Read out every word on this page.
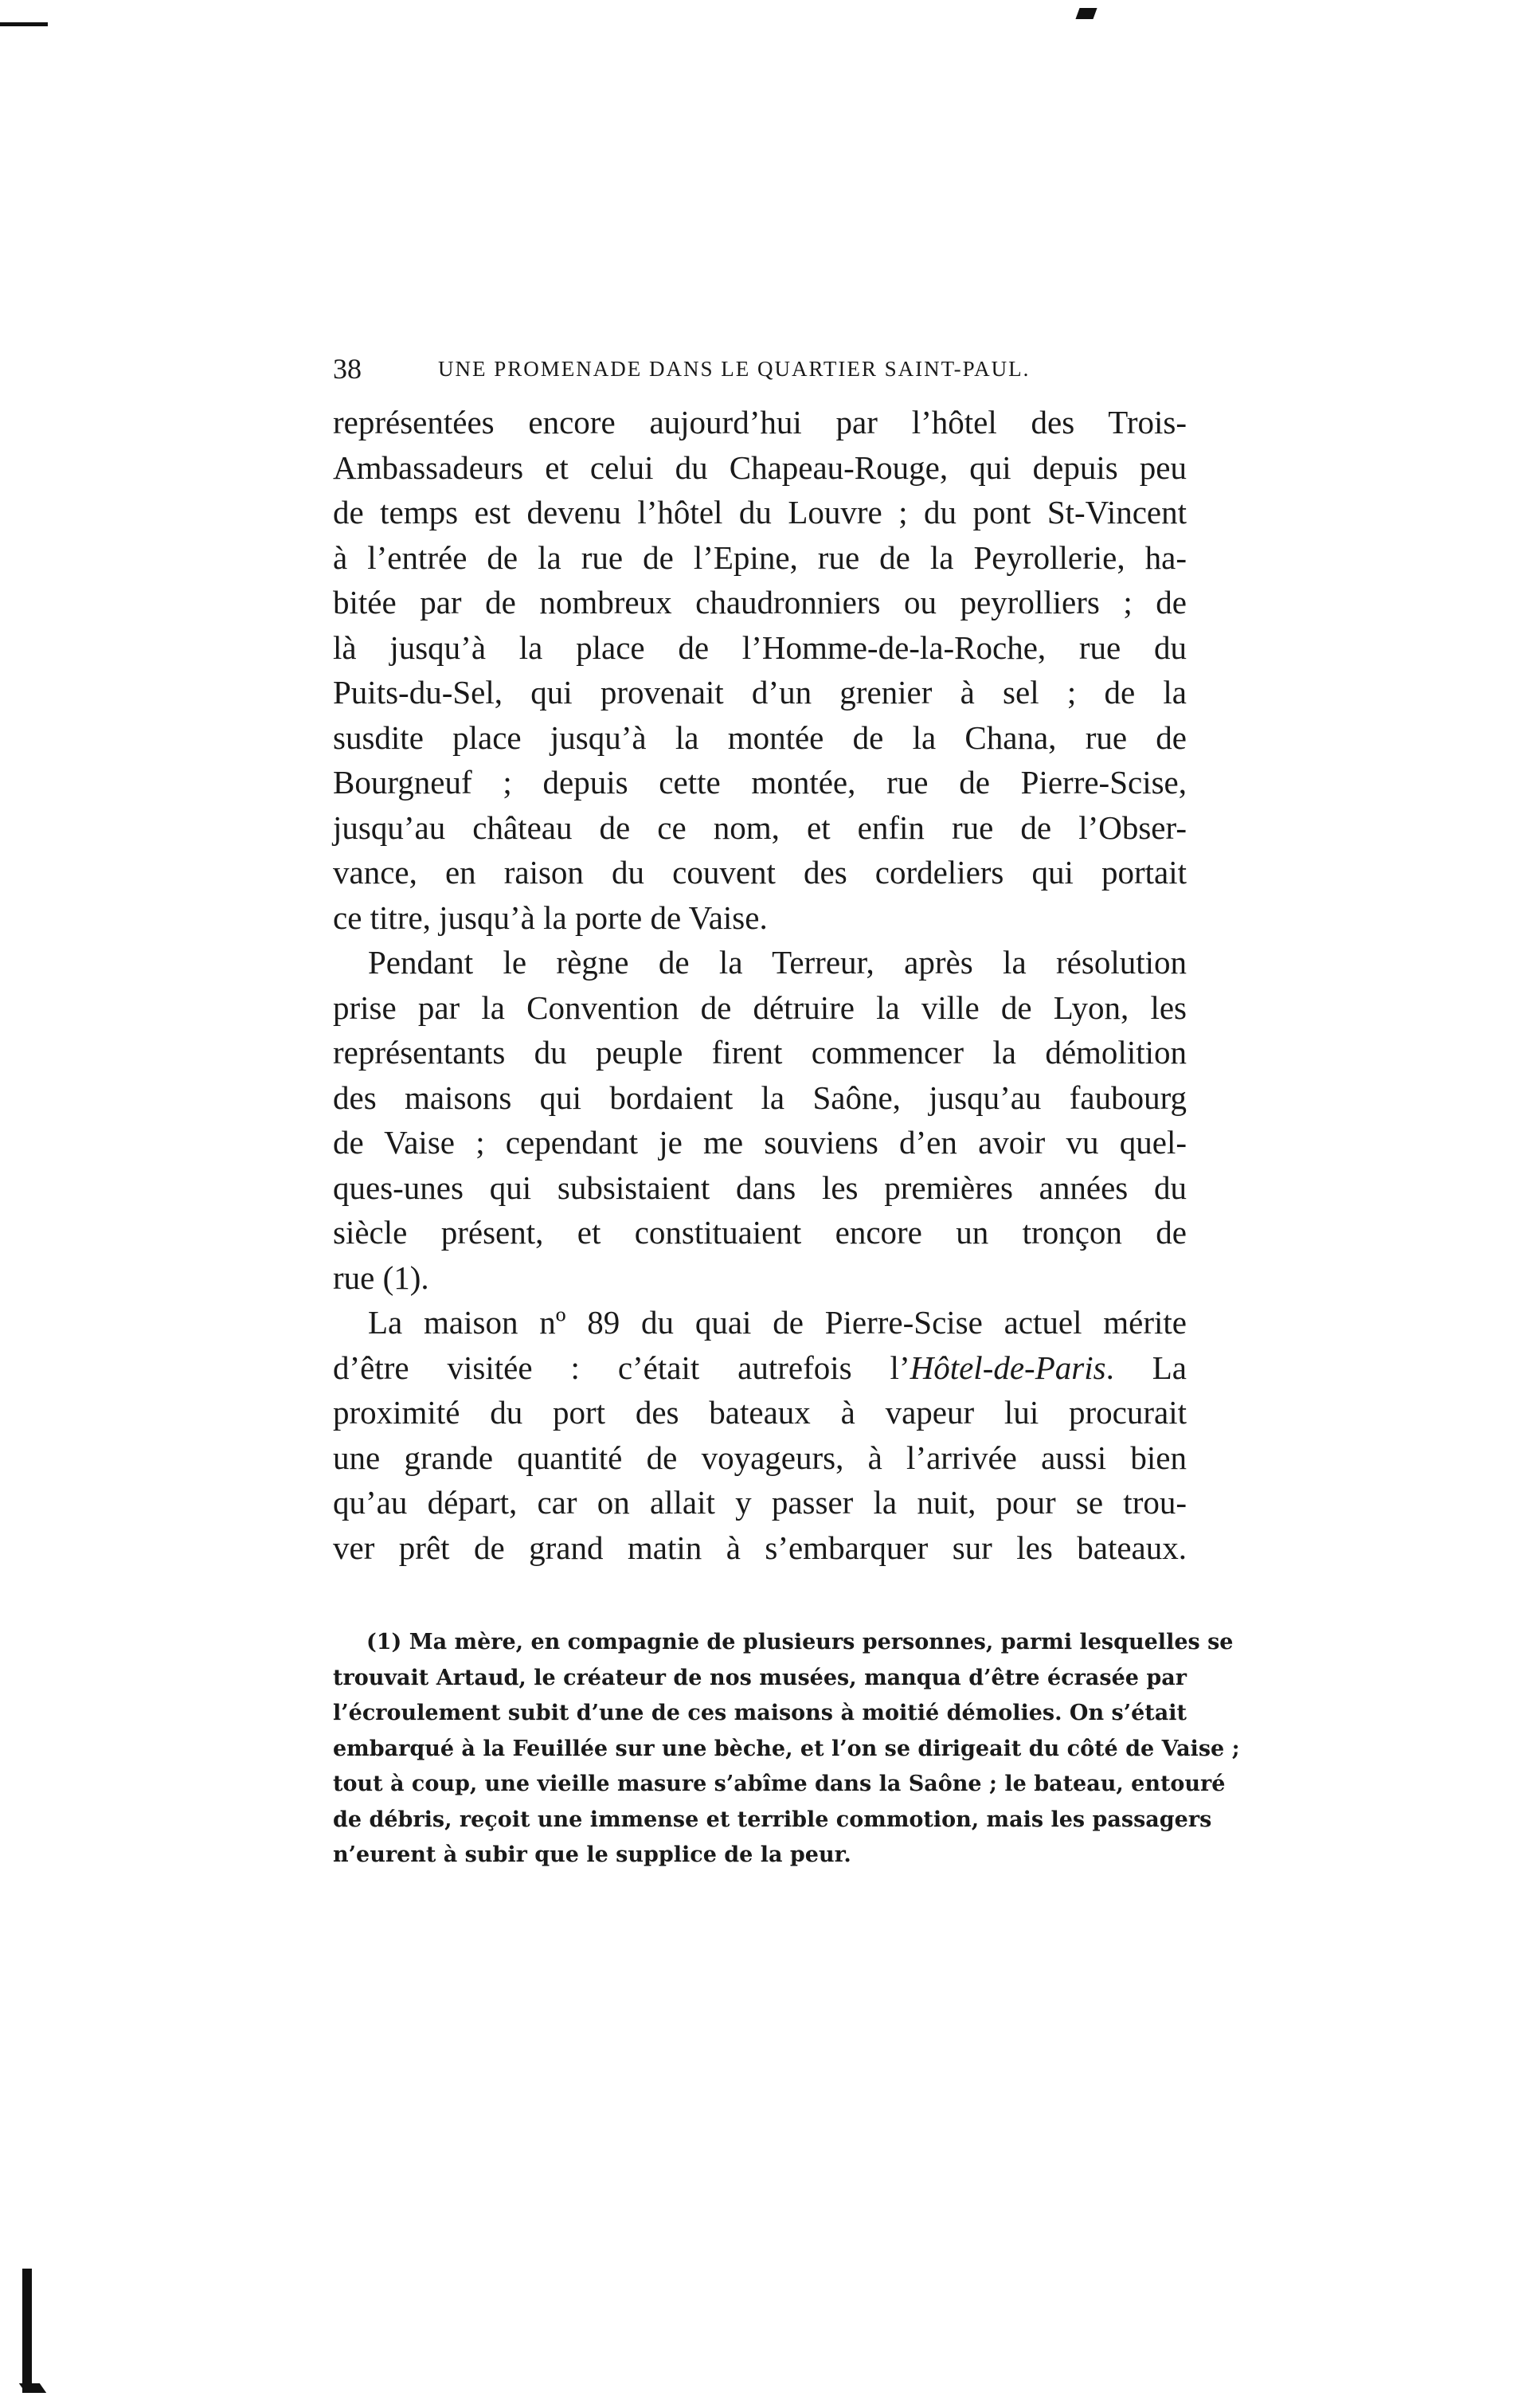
38	UNE PROMENADE DANS LE QUARTIER SAINT-PAUL.
représentées encore aujourd’hui par l’hôtel des Trois-
Ambassadeurs et celui du Chapeau-Rouge, qui depuis peu
de temps est devenu l’hôtel du Louvre ; du pont St-Vincent
à l’entrée de la rue de l’Epine, rue de la Peyrollerie, ha-
bitée par de nombreux chaudronniers ou peyrolliers ; de
là jusqu’à la place de l’Homme-de-la-Roche, rue du
Puits-du-Sel, qui provenait d’un grenier à sel ; de la
susdite place jusqu’à la montée de la Chana, rue de
Bourgneuf ; depuis cette montée, rue de Pierre-Scise,
jusqu’au château de ce nom, et enfin rue de l’Obser-
vance, en raison du couvent des cordeliers qui portait
ce titre, jusqu’à la porte de Vaise.
Pendant le règne de la Terreur, après la résolution
prise par la Convention de détruire la ville de Lyon, les
représentants du peuple firent commencer la démolition
des maisons qui bordaient la Saône, jusqu’au faubourg
de Vaise ; cependant je me souviens d’en avoir vu quel-
ques-unes qui subsistaient dans les premières années du
siècle présent, et constituaient encore un tronçon de
rue (1).
La maison nº 89 du quai de Pierre-Scise actuel mérite
d’être visitée : c’était autrefois l’Hôtel-de-Paris. La
proximité du port des bateaux à vapeur lui procurait
une grande quantité de voyageurs, à l’arrivée aussi bien
qu’au départ, car on allait y passer la nuit, pour se trou-
ver prêt de grand matin à s’embarquer sur les bateaux.
(1) Ma mère, en compagnie de plusieurs personnes, parmi lesquelles se
trouvait Artaud, le créateur de nos musées, manqua d’être écrasée par
l’écroulement subit d’une de ces maisons à moitié démolies. On s’était
embarqué à la Feuillée sur une bèche, et l’on se dirigeait du côté de Vaise ;
tout à coup, une vieille masure s’abîme dans la Saône ; le bateau, entouré
de débris, reçoit une immense et terrible commotion, mais les passagers
n’eurent à subir que le supplice de la peur.
